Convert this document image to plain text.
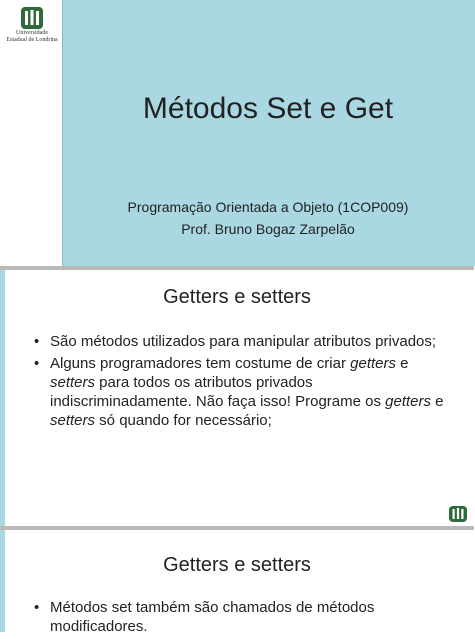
Universidade
Estadual de Londrina
Métodos Set e Get
Programação Orientada a Objeto (1COP009)
Prof. Bruno Bogaz Zarpelão
Getters e setters
• São métodos utilizados para manipular atributos privados;
• Alguns programadores tem costume de criar getters e setters para todos os atributos privados indiscriminadamente. Não faça isso! Programe os getters e setters só quando for necessário;
Getters e setters
• Métodos set também são chamados de métodos modificadores.
